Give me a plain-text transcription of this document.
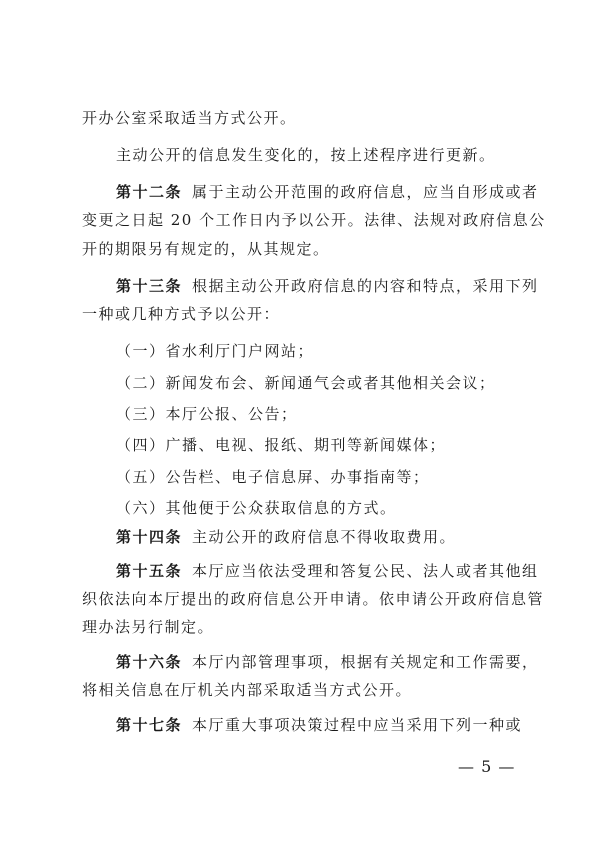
开办公室采取适当方式公开。
主动公开的信息发生变化的，按上述程序进行更新。
第十二条 属于主动公开范围的政府信息，应当自形成或者
变更之日起 20 个工作日内予以公开。法律、法规对政府信息公
开的期限另有规定的，从其规定。
第十三条 根据主动公开政府信息的内容和特点，采用下列
一种或几种方式予以公开：
（一）省水利厅门户网站；
（二）新闻发布会、新闻通气会或者其他相关会议；
（三）本厅公报、公告；
（四）广播、电视、报纸、期刊等新闻媒体；
（五）公告栏、电子信息屏、办事指南等；
（六）其他便于公众获取信息的方式。
第十四条 主动公开的政府信息不得收取费用。
第十五条 本厅应当依法受理和答复公民、法人或者其他组
织依法向本厅提出的政府信息公开申请。依申请公开政府信息管
理办法另行制定。
第十六条 本厅内部管理事项，根据有关规定和工作需要，
将相关信息在厅机关内部采取适当方式公开。
第十七条 本厅重大事项决策过程中应当采用下列一种或
— 5 —
